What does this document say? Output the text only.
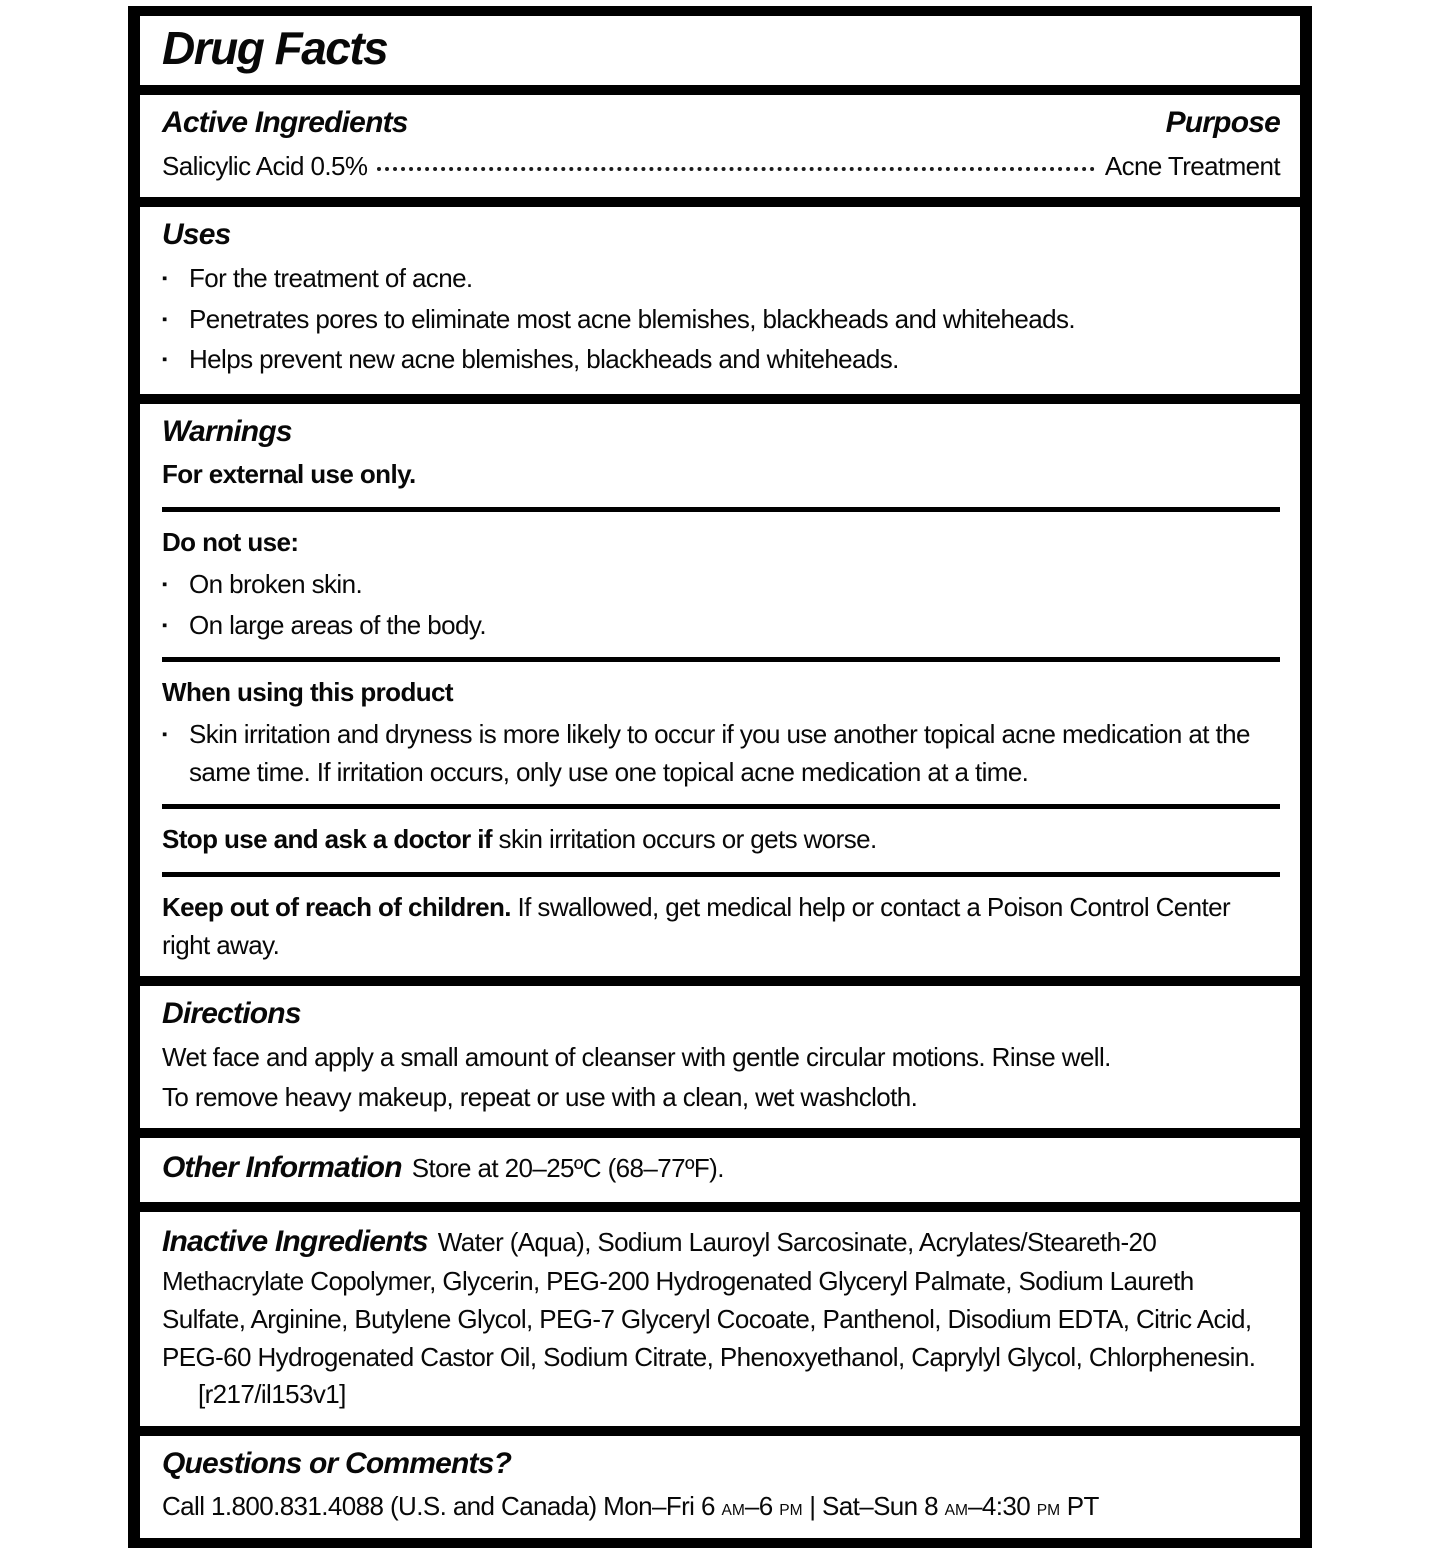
Drug Facts
Active Ingredients	Purpose
Salicylic Acid 0.5%	Acne Treatment
Uses
▪ For the treatment of acne.
▪ Penetrates pores to eliminate most acne blemishes, blackheads and whiteheads.
▪ Helps prevent new acne blemishes, blackheads and whiteheads.
Warnings

For external use only.

Do not use:

▪ On broken skin.
▪ On large areas of the body.

When using this product

▪ Skin irritation and dryness is more likely to occur if you use another topical acne medication at the same time. If irritation occurs, only use one topical acne medication at a time.

Stop use and ask a doctor if skin irritation occurs or gets worse.

Keep out of reach of children. If swallowed, get medical help or contact a Poison Control Center right away.

Directions
Wet face and apply a small amount of cleanser with gentle circular motions. Rinse well.
To remove heavy makeup, repeat or use with a clean, wet washcloth.

Other Information Store at 20–25ºC (68–77ºF).

Inactive Ingredients Water (Aqua), Sodium Lauroyl Sarcosinate, Acrylates/Steareth-20 Methacrylate Copolymer, Glycerin, PEG-200 Hydrogenated Glyceryl Palmate, Sodium Laureth Sulfate, Arginine, Butylene Glycol, PEG-7 Glyceryl Cocoate, Panthenol, Disodium EDTA, Citric Acid, PEG-60 Hydrogenated Castor Oil, Sodium Citrate, Phenoxyethanol, Caprylyl Glycol, Chlorphenesin.[r217/il153v1]

Questions or Comments?

Call 1.800.831.4088 (U.S. and Canada) Mon–Fri 6 AM–6 PM | Sat–Sun 8 AM–4:30 PM PT
